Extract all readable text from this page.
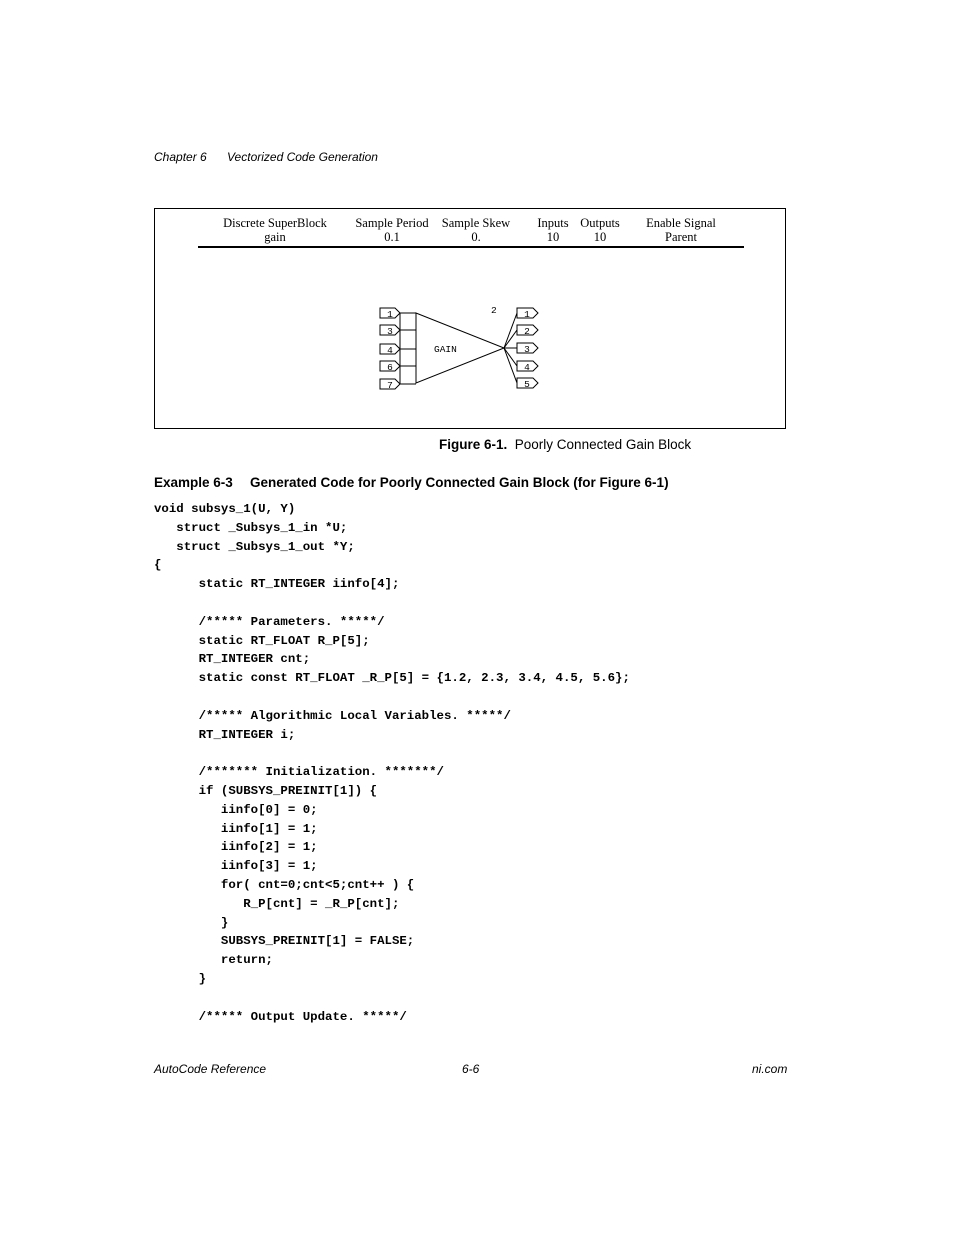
Chapter 6 Vectorized Code Generation
Discrete SuperBlock
gain
Sample Period
0.1
Sample Skew
0.
Inputs
10
Outputs
10
Enable Signal
Parent
GAIN
2
1
3
4
6
7
1
2
3
4
5
Figure 6-1. Poorly Connected Gain Block
Example 6-3 Generated Code for Poorly Connected Gain Block (for Figure 6-1)
void subsys_1(U, Y)
struct _Subsys_1_in *U;
struct _Subsys_1_out *Y;
{
static RT_INTEGER iinfo[4];

/***** Parameters. *****/
static RT_FLOAT R_P[5];
RT_INTEGER cnt;
static const RT_FLOAT _R_P[5] = {1.2, 2.3, 3.4, 4.5, 5.6};

/***** Algorithmic Local Variables. *****/
RT_INTEGER i;

/******* Initialization. *******/
if (SUBSYS_PREINIT[1]) {
iinfo[0] = 0;
iinfo[1] = 1;
iinfo[2] = 1;
iinfo[3] = 1;
for( cnt=0;cnt<5;cnt++ ) {
R_P[cnt] = _R_P[cnt];
}
SUBSYS_PREINIT[1] = FALSE;
return;
}

/***** Output Update. *****/
AutoCode Reference	6-6	ni.com
